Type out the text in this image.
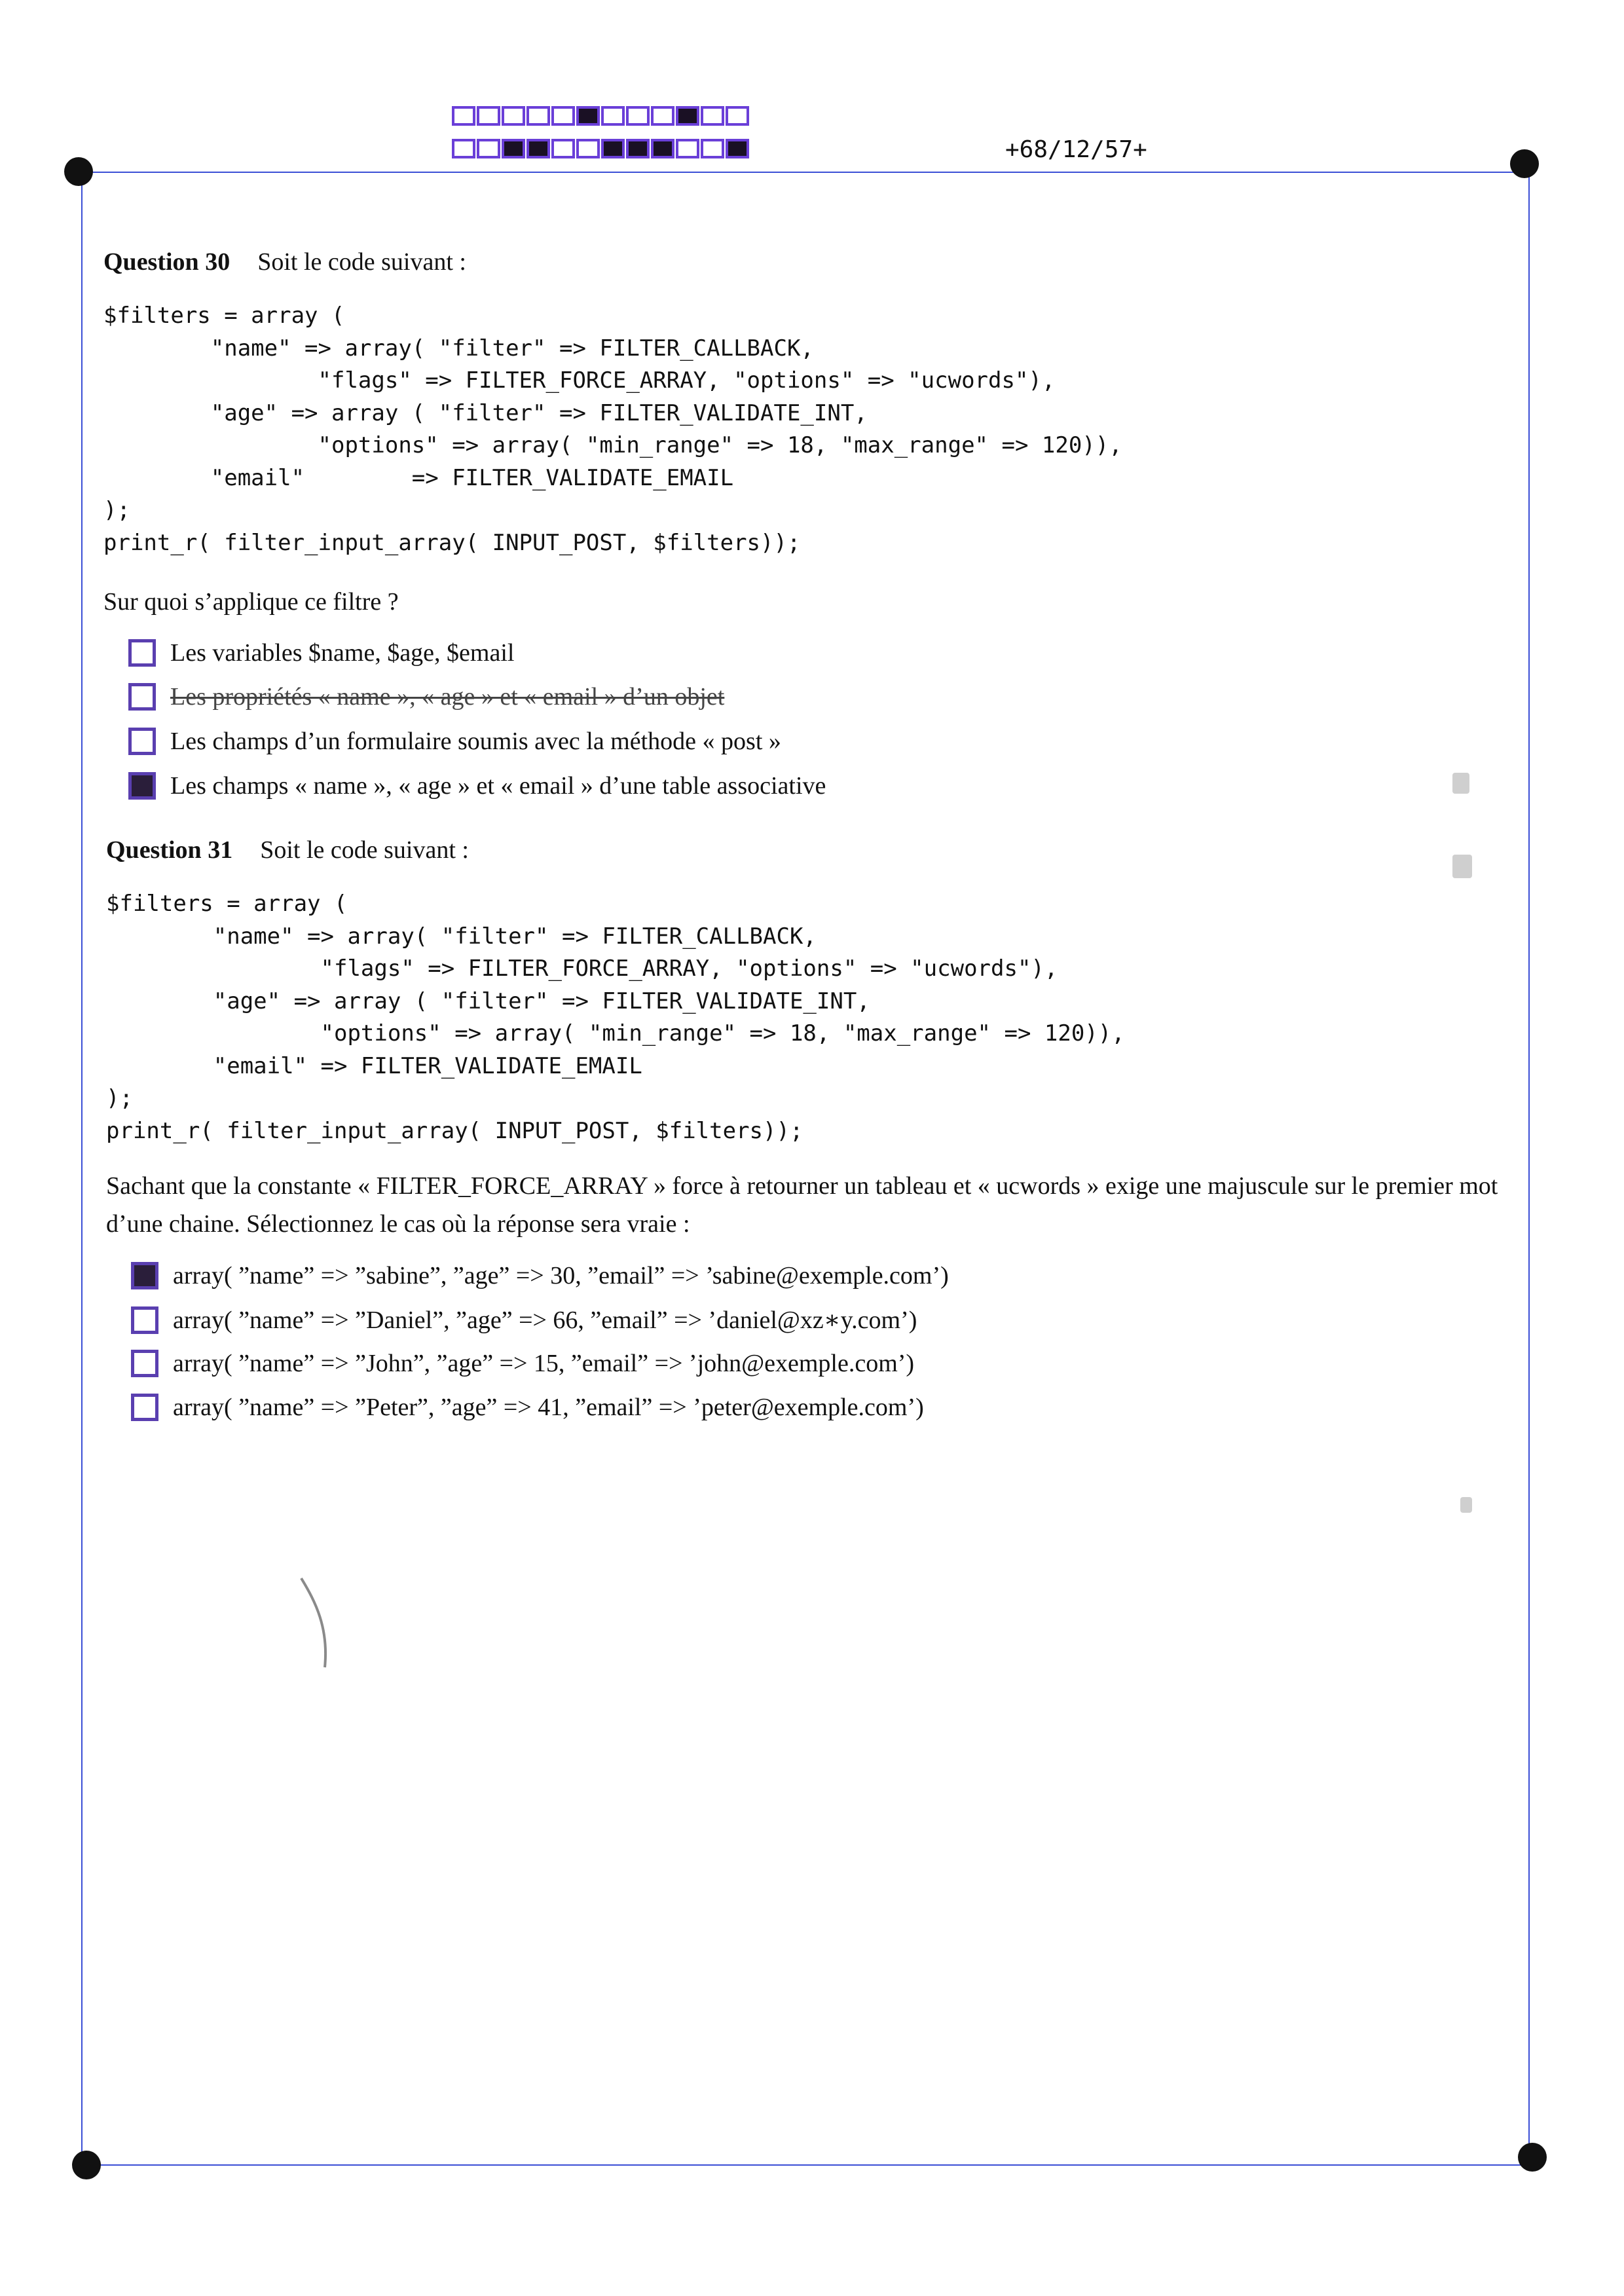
+68/12/57+
Question 30 Soit le code suivant :
$filters = array (
"name" => array( "filter" => FILTER_CALLBACK,
"flags" => FILTER_FORCE_ARRAY, "options" => "ucwords"),
"age" => array ( "filter" => FILTER_VALIDATE_INT,
"options" => array( "min_range" => 18, "max_range" => 120)),
"email"        => FILTER_VALIDATE_EMAIL
);
print_r( filter_input_array( INPUT_POST, $filters));
Sur quoi s’applique ce filtre ?
Les variables $name, $age, $email
Les propriétés « name », « age » et « email » d’un objet
Les champs d’un formulaire soumis avec la méthode « post »
Les champs « name », « age » et « email » d’une table associative
Question 31 Soit le code suivant :
$filters = array (
"name" => array( "filter" => FILTER_CALLBACK,
"flags" => FILTER_FORCE_ARRAY, "options" => "ucwords"),
"age" => array ( "filter" => FILTER_VALIDATE_INT,
"options" => array( "min_range" => 18, "max_range" => 120)),
"email" => FILTER_VALIDATE_EMAIL
);
print_r( filter_input_array( INPUT_POST, $filters));
Sachant que la constante « FILTER_FORCE_ARRAY » force à retourner un tableau et « ucwords » exige une majuscule sur le premier mot d’une chaine. Sélectionnez le cas où la réponse sera vraie :
array( ”name” => ”sabine”, ”age” => 30, ”email” => ’sabine@exemple.com’)
array( ”name” => ”Daniel”, ”age” => 66, ”email” => ’daniel@xz∗y.com’)
array( ”name” => ”John”, ”age” => 15, ”email” => ’john@exemple.com’)
array( ”name” => ”Peter”, ”age” => 41, ”email” => ’peter@exemple.com’)
